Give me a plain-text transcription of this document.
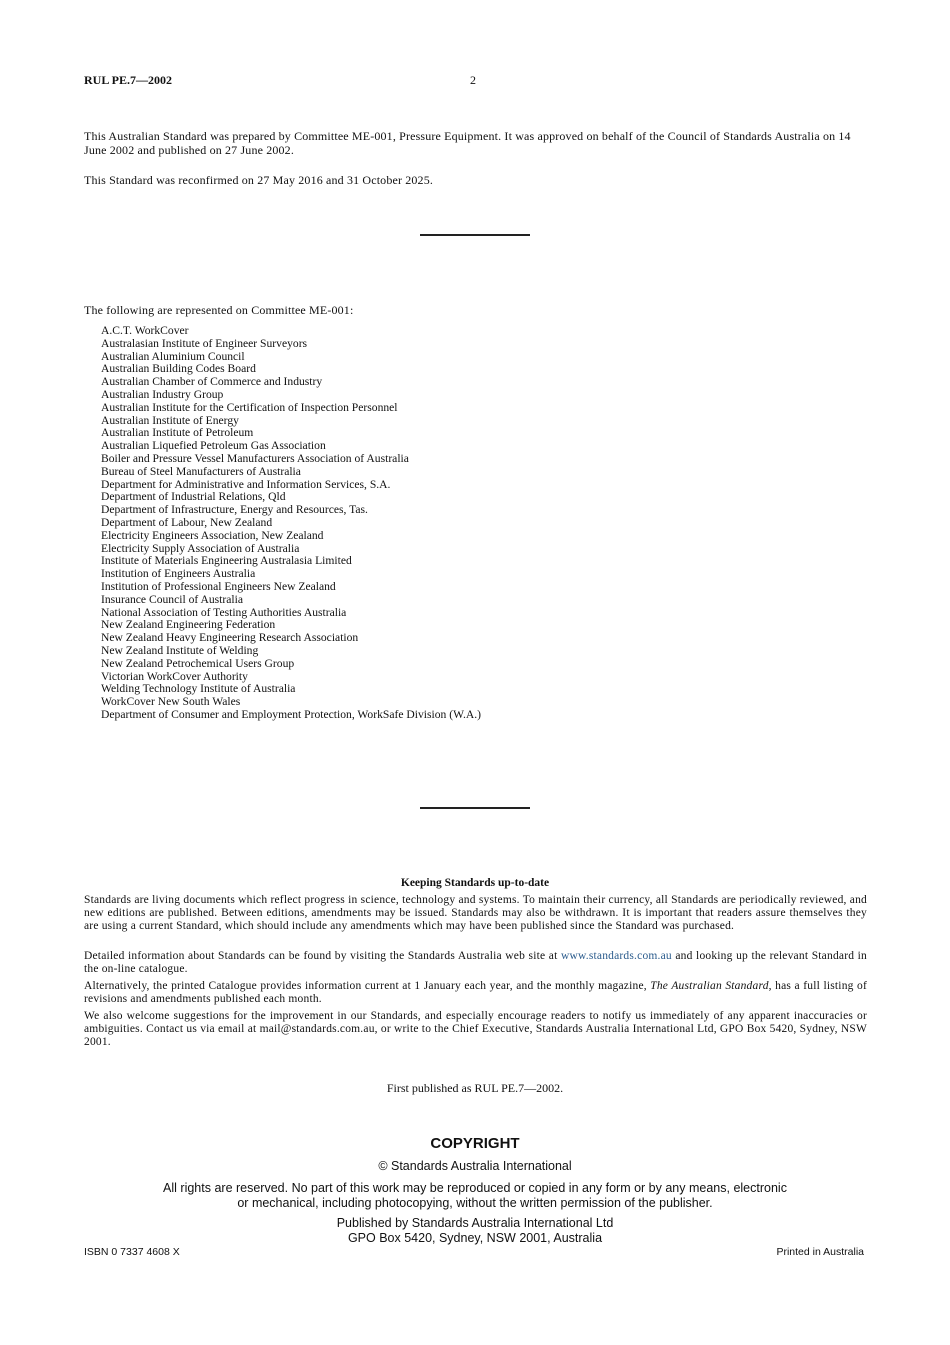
RUL PE.7—2002	2
This Australian Standard was prepared by Committee ME-001, Pressure Equipment. It was approved on behalf of the Council of Standards Australia on 14 June 2002 and published on 27 June 2002.
This Standard was reconfirmed on 27 May 2016 and 31 October 2025.
The following are represented on Committee ME-001:
A.C.T. WorkCover
Australasian Institute of Engineer Surveyors
Australian Aluminium Council
Australian Building Codes Board
Australian Chamber of Commerce and Industry
Australian Industry Group
Australian Institute for the Certification of Inspection Personnel
Australian Institute of Energy
Australian Institute of Petroleum
Australian Liquefied Petroleum Gas Association
Boiler and Pressure Vessel Manufacturers Association of Australia
Bureau of Steel Manufacturers of Australia
Department for Administrative and Information Services, S.A.
Department of Industrial Relations, Qld
Department of Infrastructure, Energy and Resources, Tas.
Department of Labour, New Zealand
Electricity Engineers Association, New Zealand
Electricity Supply Association of Australia
Institute of Materials Engineering Australasia Limited
Institution of Engineers Australia
Institution of Professional Engineers New Zealand
Insurance Council of Australia
National Association of Testing Authorities Australia
New Zealand Engineering Federation
New Zealand Heavy Engineering Research Association
New Zealand Institute of Welding
New Zealand Petrochemical Users Group
Victorian WorkCover Authority
Welding Technology Institute of Australia
WorkCover New South Wales
Department of Consumer and Employment Protection, WorkSafe Division (W.A.)
Keeping Standards up-to-date
Standards are living documents which reflect progress in science, technology and systems. To maintain their currency, all Standards are periodically reviewed, and new editions are published. Between editions, amendments may be issued. Standards may also be withdrawn. It is important that readers assure themselves they are using a current Standard, which should include any amendments which may have been published since the Standard was purchased.
Detailed information about Standards can be found by visiting the Standards Australia web site at www.standards.com.au and looking up the relevant Standard in the on-line catalogue.
Alternatively, the printed Catalogue provides information current at 1 January each year, and the monthly magazine, The Australian Standard, has a full listing of revisions and amendments published each month.
We also welcome suggestions for the improvement in our Standards, and especially encourage readers to notify us immediately of any apparent inaccuracies or ambiguities. Contact us via email at mail@standards.com.au, or write to the Chief Executive, Standards Australia International Ltd, GPO Box 5420, Sydney, NSW 2001.
First published as RUL PE.7—2002.
COPYRIGHT
© Standards Australia International
All rights are reserved. No part of this work may be reproduced or copied in any form or by any means, electronic
or mechanical, including photocopying, without the written permission of the publisher.
Published by Standards Australia International Ltd
GPO Box 5420, Sydney, NSW 2001, Australia
ISBN 0 7337 4608 X	Printed in Australia
